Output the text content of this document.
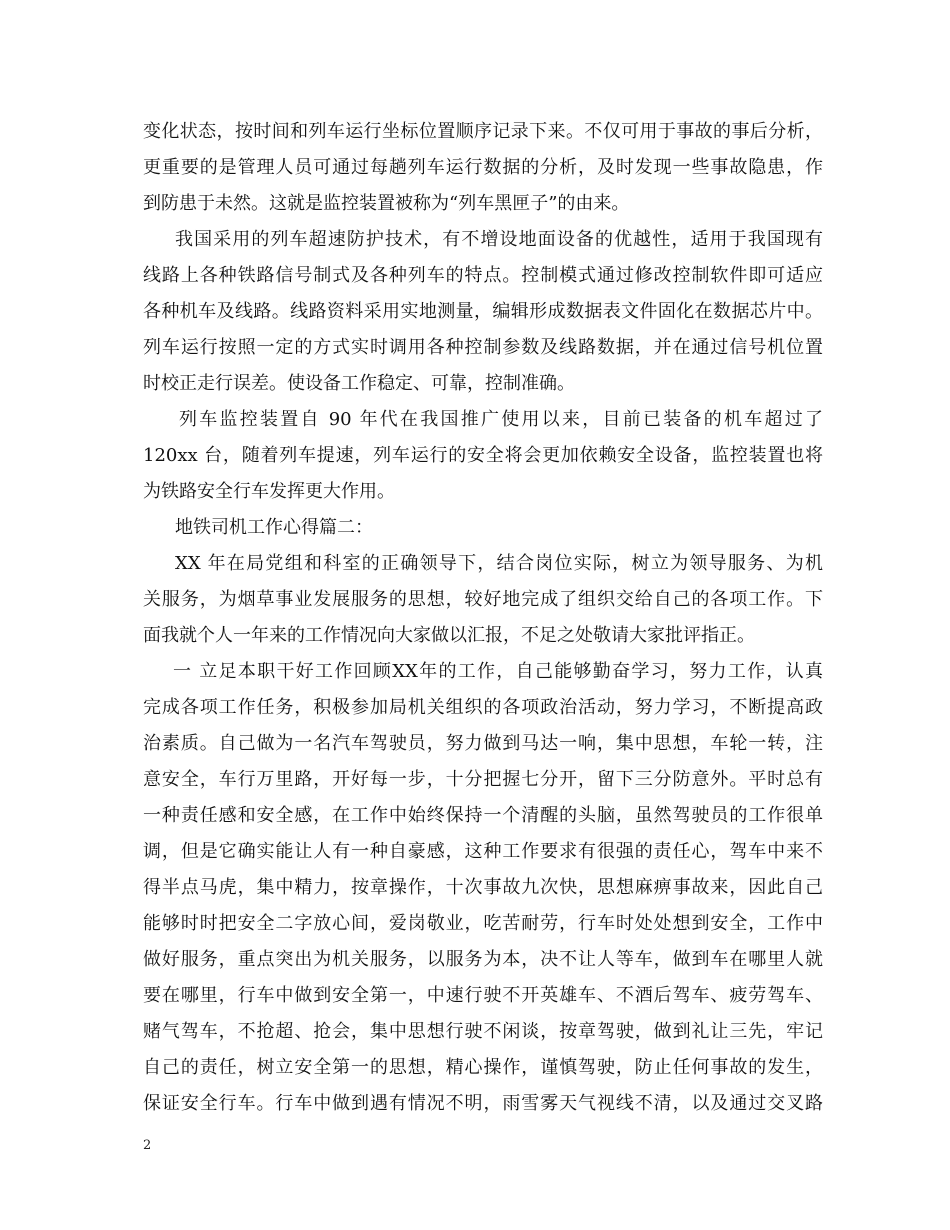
变化状态，按时间和列车运行坐标位置顺序记录下来。不仅可用于事故的事后分析，
更重要的是管理人员可通过每趟列车运行数据的分析，及时发现一些事故隐患，作
到防患于未然。这就是监控装置被称为“列车黑匣子”的由来。
我国采用的列车超速防护技术，有不增设地面设备的优越性，适用于我国现有
线路上各种铁路信号制式及各种列车的特点。控制模式通过修改控制软件即可适应
各种机车及线路。线路资料采用实地测量，编辑形成数据表文件固化在数据芯片中。
列车运行按照一定的方式实时调用各种控制参数及线路数据，并在通过信号机位置
时校正走行误差。使设备工作稳定、可靠，控制准确。
列车监控装置自 90 年代在我国推广使用以来，目前已装备的机车超过了
120xx 台，随着列车提速，列车运行的安全将会更加依赖安全设备，监控装置也将
为铁路安全行车发挥更大作用。
地铁司机工作心得篇二：
XX 年在局党组和科室的正确领导下，结合岗位实际，树立为领导服务、为机
关服务，为烟草事业发展服务的思想，较好地完成了组织交给自己的各项工作。下
面我就个人一年来的工作情况向大家做以汇报，不足之处敬请大家批评指正。
一 立足本职干好工作回顾XX年的工作，自己能够勤奋学习，努力工作，认真
完成各项工作任务，积极参加局机关组织的各项政治活动，努力学习，不断提高政
治素质。自己做为一名汽车驾驶员，努力做到马达一响，集中思想，车轮一转，注
意安全，车行万里路，开好每一步，十分把握七分开，留下三分防意外。平时总有
一种责任感和安全感，在工作中始终保持一个清醒的头脑，虽然驾驶员的工作很单
调，但是它确实能让人有一种自豪感，这种工作要求有很强的责任心，驾车中来不
得半点马虎，集中精力，按章操作，十次事故九次快，思想麻痹事故来，因此自己
能够时时把安全二字放心间，爱岗敬业，吃苦耐劳，行车时处处想到安全，工作中
做好服务，重点突出为机关服务，以服务为本，决不让人等车，做到车在哪里人就
要在哪里，行车中做到安全第一，中速行驶不开英雄车、不酒后驾车、疲劳驾车、
赌气驾车，不抢超、抢会，集中思想行驶不闲谈，按章驾驶，做到礼让三先，牢记
自己的责任，树立安全第一的思想，精心操作，谨慎驾驶，防止任何事故的发生，
保证安全行车。行车中做到遇有情况不明，雨雪雾天气视线不清，以及通过交叉路
2
